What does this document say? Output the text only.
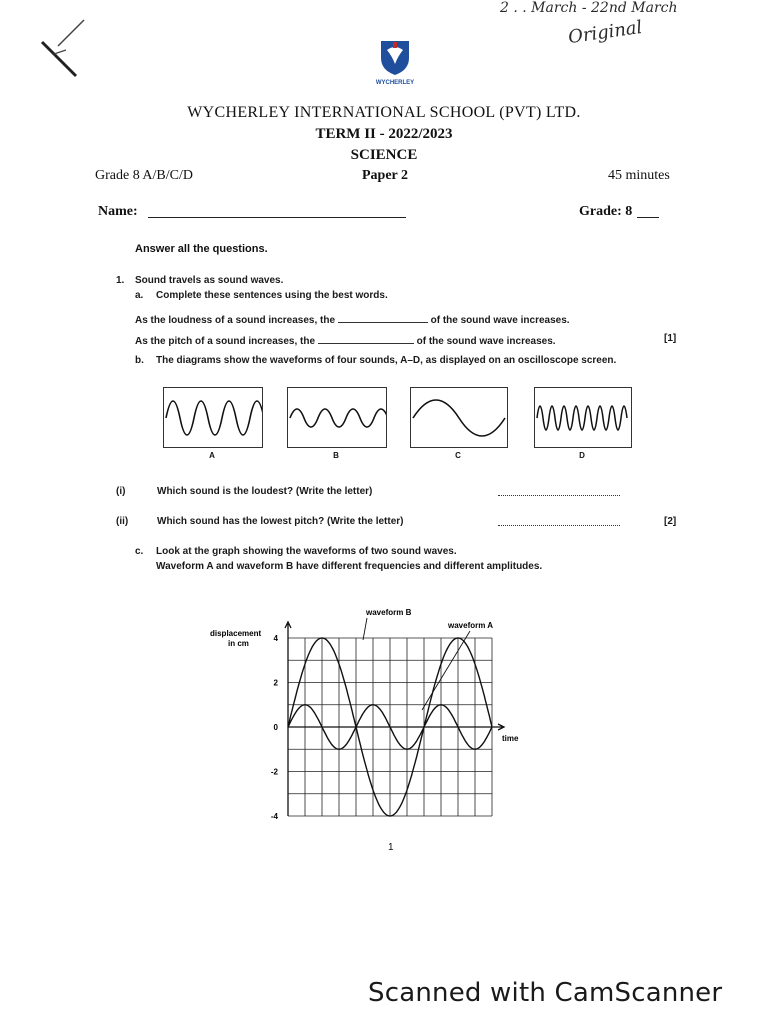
2 . . March - 22nd March
Original
WYCHERLEY
WYCHERLEY INTERNATIONAL SCHOOL (PVT) LTD.
TERM II - 2022/2023
SCIENCE
Grade 8 A/B/C/D	Paper 2	45 minutes
Name:	Grade: 8
Answer all the questions.
1. Sound travels as sound waves.
a. Complete these sentences using the best words.
As the loudness of a sound increases, the	of the sound wave increases.
As the pitch of a sound increases, the	of the sound wave increases.	[1]
b. The diagrams show the waveforms of four sounds, A–D, as displayed on an oscilloscope screen.
A	B	C	D
(i)	Which sound is the loudest? (Write the letter)
(ii)	Which sound has the lowest pitch? (Write the letter)	[2]
c. Look at the graph showing the waveforms of two sound waves.
Waveform A and waveform B have different frequencies and different amplitudes.
4
2
0
-2
-4
displacement in cm
time
waveform B
waveform A
1
Scanned with CamScanner
